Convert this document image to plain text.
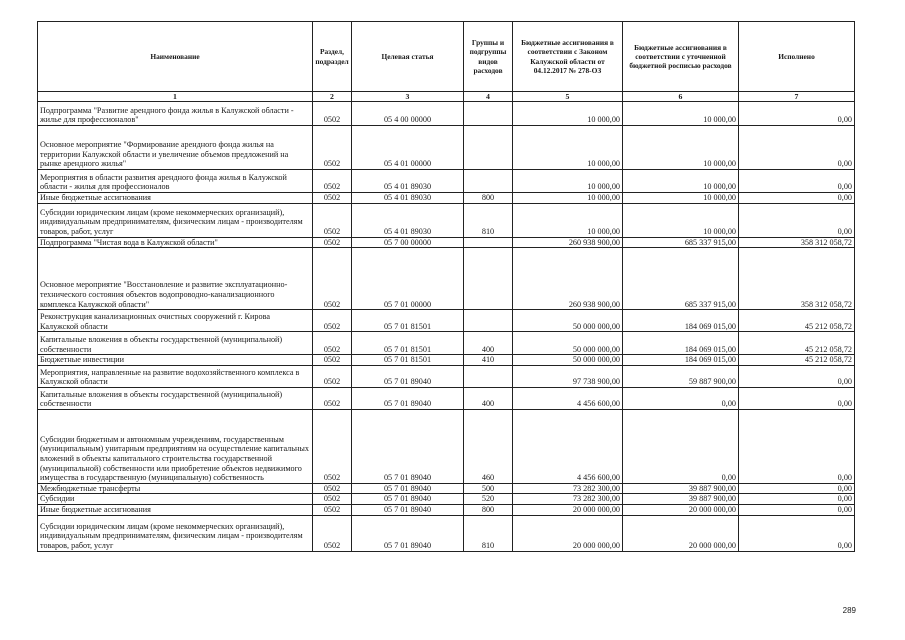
Наименование	Раздел, подраздел	Целевая статья	Группы и подгруппы видов расходов	Бюджетные ассигнования в соответствии с Законом Калужской области от 04.12.2017 № 278-ОЗ	Бюджетные ассигнования в соответствии с уточненной бюджетной росписью расходов	Исполнено
1	2	3	4	5	6	7
Подпрограмма "Развитие арендного фонда жилья в Калужской области - жилье для профессионалов"	0502	05 4 00 00000		10 000,00	10 000,00	0,00
Основное мероприятие "Формирование арендного фонда жилья на территории Калужской области и увеличение объемов предложений на рынке арендного жилья"	0502	05 4 01 00000		10 000,00	10 000,00	0,00
Мероприятия в области развития арендного фонда жилья в Калужской области - жилья для профессионалов	0502	05 4 01 89030		10 000,00	10 000,00	0,00
Иные бюджетные ассигнования	0502	05 4 01 89030	800	10 000,00	10 000,00	0,00
Субсидии юридическим лицам (кроме некоммерческих организаций), индивидуальным предпринимателям, физическим лицам - производителям товаров, работ, услуг	0502	05 4 01 89030	810	10 000,00	10 000,00	0,00
Подпрограмма "Чистая вода в Калужской области"	0502	05 7 00 00000		260 938 900,00	685 337 915,00	358 312 058,72
Основное мероприятие "Восстановление и развитие эксплуатационно-технического состояния объектов водопроводно-канализационного комплекса Калужской области"	0502	05 7 01 00000		260 938 900,00	685 337 915,00	358 312 058,72
Реконструкция канализационных очистных сооружений г. Кирова Калужской области	0502	05 7 01 81501		50 000 000,00	184 069 015,00	45 212 058,72
Капитальные вложения в объекты государственной (муниципальной) собственности	0502	05 7 01 81501	400	50 000 000,00	184 069 015,00	45 212 058,72
Бюджетные инвестиции	0502	05 7 01 81501	410	50 000 000,00	184 069 015,00	45 212 058,72
Мероприятия, направленные на развитие водохозяйственного комплекса в Калужской области	0502	05 7 01 89040		97 738 900,00	59 887 900,00	0,00
Капитальные вложения в объекты государственной (муниципальной) собственности	0502	05 7 01 89040	400	4 456 600,00	0,00	0,00
Субсидии бюджетным и автономным учреждениям, государственным (муниципальным) унитарным предприятиям на осуществление капитальных вложений в объекты капитального строительства государственной (муниципальной) собственности или приобретение объектов недвижимого имущества в государственную (муниципальную) собственность	0502	05 7 01 89040	460	4 456 600,00	0,00	0,00
Межбюджетные трансферты	0502	05 7 01 89040	500	73 282 300,00	39 887 900,00	0,00
Субсидии	0502	05 7 01 89040	520	73 282 300,00	39 887 900,00	0,00
Иные бюджетные ассигнования	0502	05 7 01 89040	800	20 000 000,00	20 000 000,00	0,00
Субсидии юридическим лицам (кроме некоммерческих организаций), индивидуальным предпринимателям, физическим лицам - производителям товаров, работ, услуг	0502	05 7 01 89040	810	20 000 000,00	20 000 000,00	0,00
289
